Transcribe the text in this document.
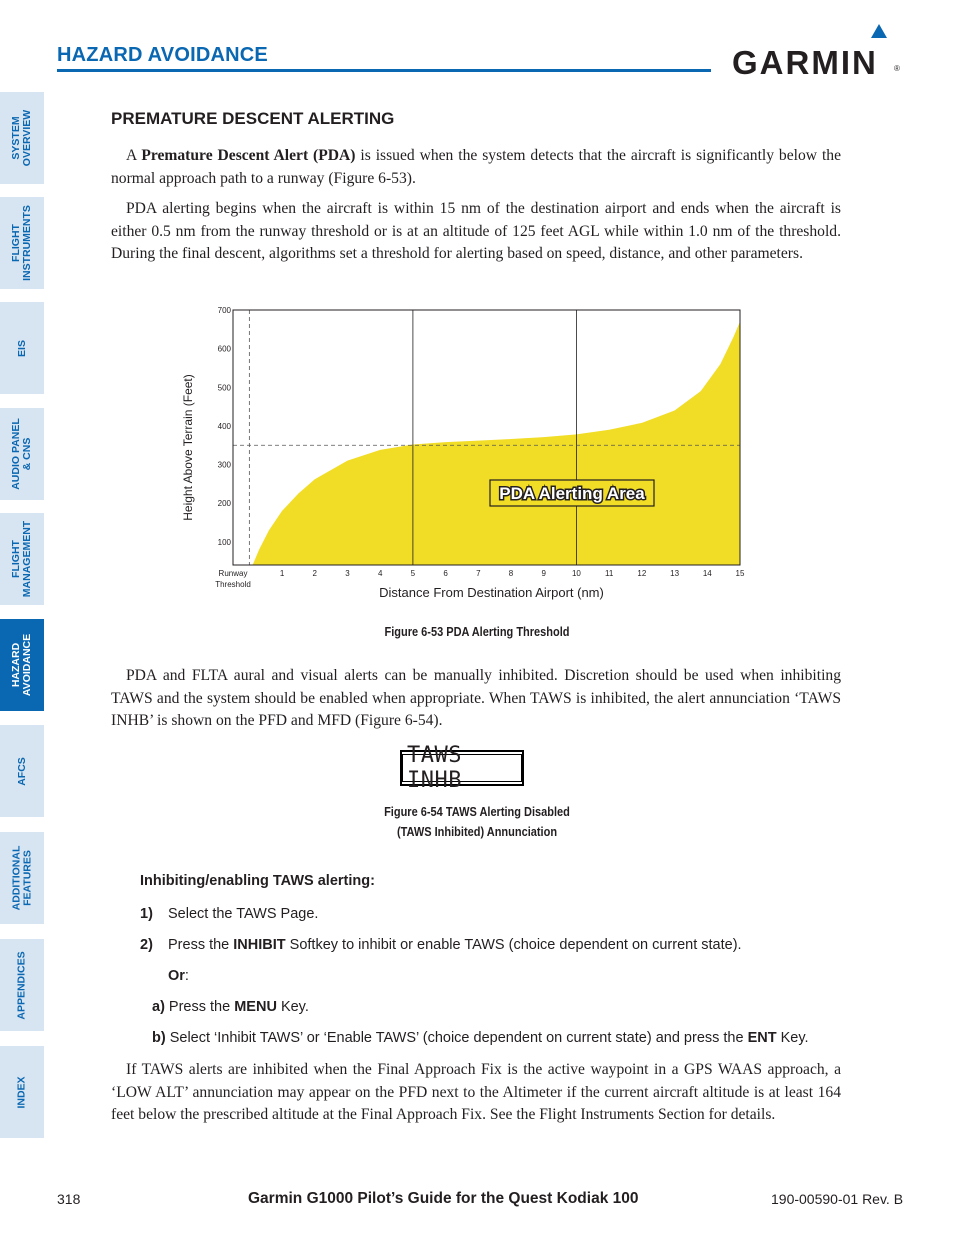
HAZARD AVOIDANCE	GARMIN ®
SYSTEM
OVERVIEW
FLIGHT
INSTRUMENTS
EIS
AUDIO PANEL
& CNS
FLIGHT
MANAGEMENT
HAZARD
AVOIDANCE
AFCS
ADDITIONAL
FEATURES
APPENDICES
INDEX
PREMATURE DESCENT ALERTING

A Premature Descent Alert (PDA) is issued when the system detects that the aircraft is significantly below the normal approach path to a runway (Figure 6-53).

PDA alerting begins when the aircraft is within 15 nm of the destination airport and ends when the aircraft is either 0.5 nm from the runway threshold or is at an altitude of 125 feet AGL while within 1.0 nm of the threshold. During the final descent, algorithms set a threshold for alerting based on speed, distance, and other parameters.

100
200
300
400
500
600
700
Runway Threshold
1	2	3	4	5	6	7	8	9	10	11	12	13	14	15
Distance From Destination Airport (nm)
Height Above Terrain (Feet)	PDA Alerting Area
Figure 6-53 PDA Alerting Threshold

PDA and FLTA aural and visual alerts can be manually inhibited. Discretion should be used when inhibiting TAWS and the system should be enabled when appropriate. When TAWS is inhibited, the alert annunciation ‘TAWS INHB’ is shown on the PFD and MFD (Figure 6-54).

TAWS INHB
Figure 6-54 TAWS Alerting Disabled
(TAWS Inhibited) Annunciation
Inhibiting/enabling TAWS alerting:
1) Select the TAWS Page.
2) Press the INHIBIT Softkey to inhibit or enable TAWS (choice dependent on current state).
Or:
a) Press the MENU Key.
b) Select ‘Inhibit TAWS’ or ‘Enable TAWS’ (choice dependent on current state) and press the ENT Key.

If TAWS alerts are inhibited when the Final Approach Fix is the active waypoint in a GPS WAAS approach, a ‘LOW ALT’ annunciation may appear on the PFD next to the Altimeter if the current aircraft altitude is at least 164 feet below the prescribed altitude at the Final Approach Fix. See the Flight Instruments Section for details.

318	Garmin G1000 Pilot’s Guide for the Quest Kodiak 100	190-00590-01 Rev. B
